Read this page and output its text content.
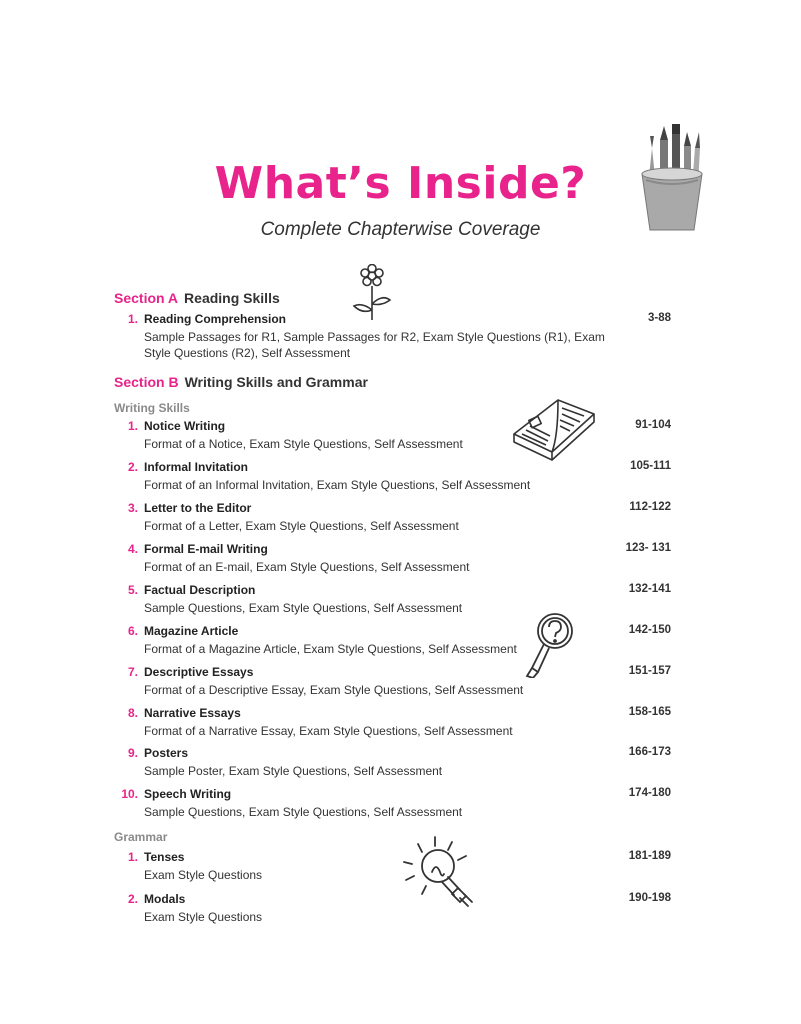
What’s Inside?
Complete Chapterwise Coverage
Section A Reading Skills
1. Reading Comprehension	3-88
Sample Passages for R1, Sample Passages for R2, Exam Style Questions (R1), Exam Style Questions (R2), Self Assessment
Section B Writing Skills and Grammar
Writing Skills
1. Notice Writing	91-104
Format of a Notice, Exam Style Questions, Self Assessment
2. Informal Invitation	105-111
Format of an Informal Invitation, Exam Style Questions, Self Assessment
3. Letter to the Editor	112-122
Format of a Letter, Exam Style Questions, Self Assessment
4. Formal E-mail Writing	123- 131
Format of an E-mail, Exam Style Questions, Self Assessment
5. Factual Description	132-141
Sample Questions, Exam Style Questions, Self Assessment
6. Magazine Article	142-150
Format of a Magazine Article, Exam Style Questions, Self Assessment
7. Descriptive Essays	151-157
Format of a Descriptive Essay, Exam Style Questions, Self Assessment
8. Narrative Essays	158-165
Format of a Narrative Essay, Exam Style Questions, Self Assessment
9. Posters	166-173
Sample Poster, Exam Style Questions, Self Assessment
10. Speech Writing	174-180
Sample Questions, Exam Style Questions, Self Assessment
Grammar
1. Tenses	181-189
Exam Style Questions
2. Modals	190-198
Exam Style Questions
